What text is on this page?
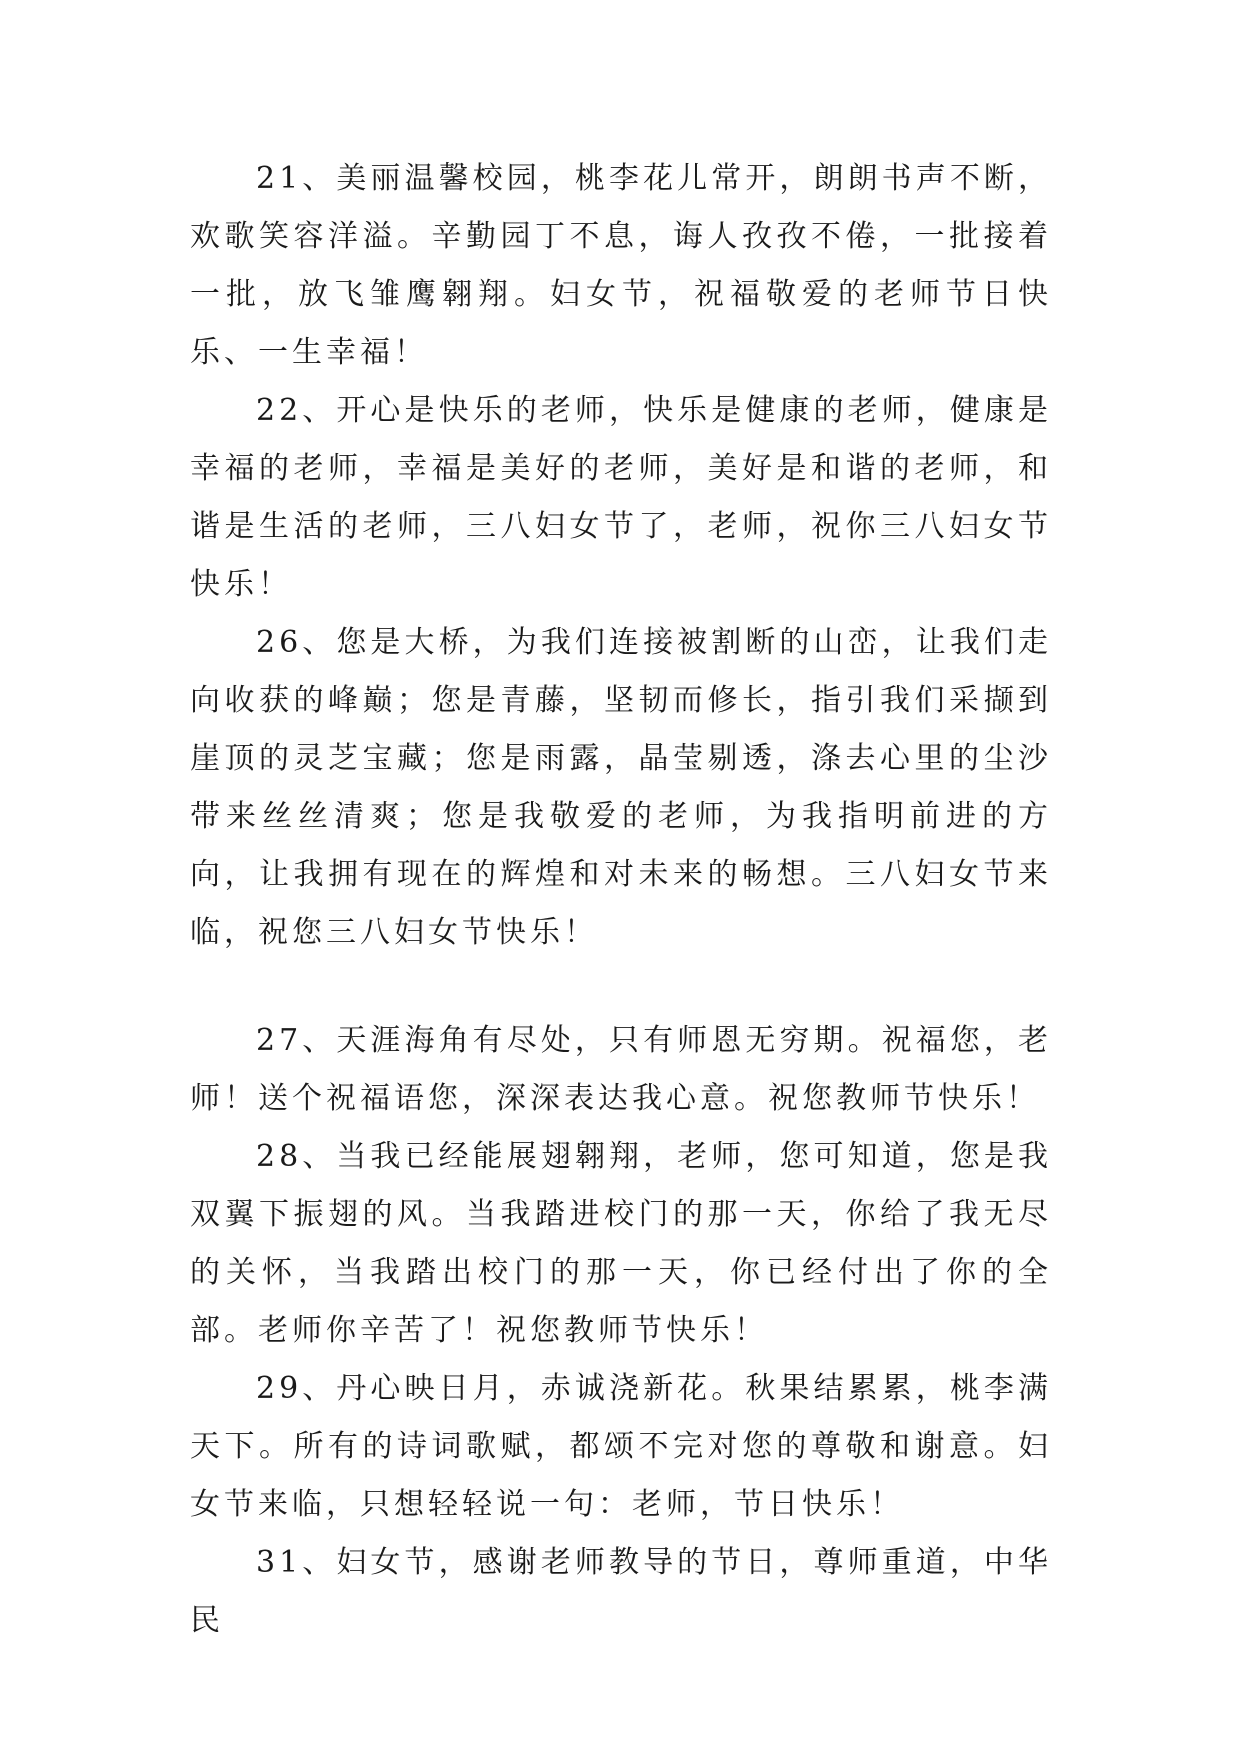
21、美丽温馨校园，桃李花儿常开，朗朗书声不断，欢歌笑容洋溢。辛勤园丁不息，诲人孜孜不倦，一批接着一批，放飞雏鹰翱翔。妇女节，祝福敬爱的老师节日快乐、一生幸福！

22、开心是快乐的老师，快乐是健康的老师，健康是幸福的老师，幸福是美好的老师，美好是和谐的老师，和谐是生活的老师，三八妇女节了，老师，祝你三八妇女节快乐！

26、您是大桥，为我们连接被割断的山峦，让我们走向收获的峰巅；您是青藤，坚韧而修长，指引我们采撷到崖顶的灵芝宝藏；您是雨露，晶莹剔透，涤去心里的尘沙带来丝丝清爽；您是我敬爱的老师，为我指明前进的方向，让我拥有现在的辉煌和对未来的畅想。三八妇女节来临，祝您三八妇女节快乐！

27、天涯海角有尽处，只有师恩无穷期。祝福您，老师！送个祝福语您，深深表达我心意。祝您教师节快乐！

28、当我已经能展翅翱翔，老师，您可知道，您是我双翼下振翅的风。当我踏进校门的那一天，你给了我无尽的关怀，当我踏出校门的那一天，你已经付出了你的全部。老师你辛苦了！祝您教师节快乐！

29、丹心映日月，赤诚浇新花。秋果结累累，桃李满天下。所有的诗词歌赋，都颂不完对您的尊敬和谢意。妇女节来临，只想轻轻说一句：老师，节日快乐！

31、妇女节，感谢老师教导的节日，尊师重道，中华民
